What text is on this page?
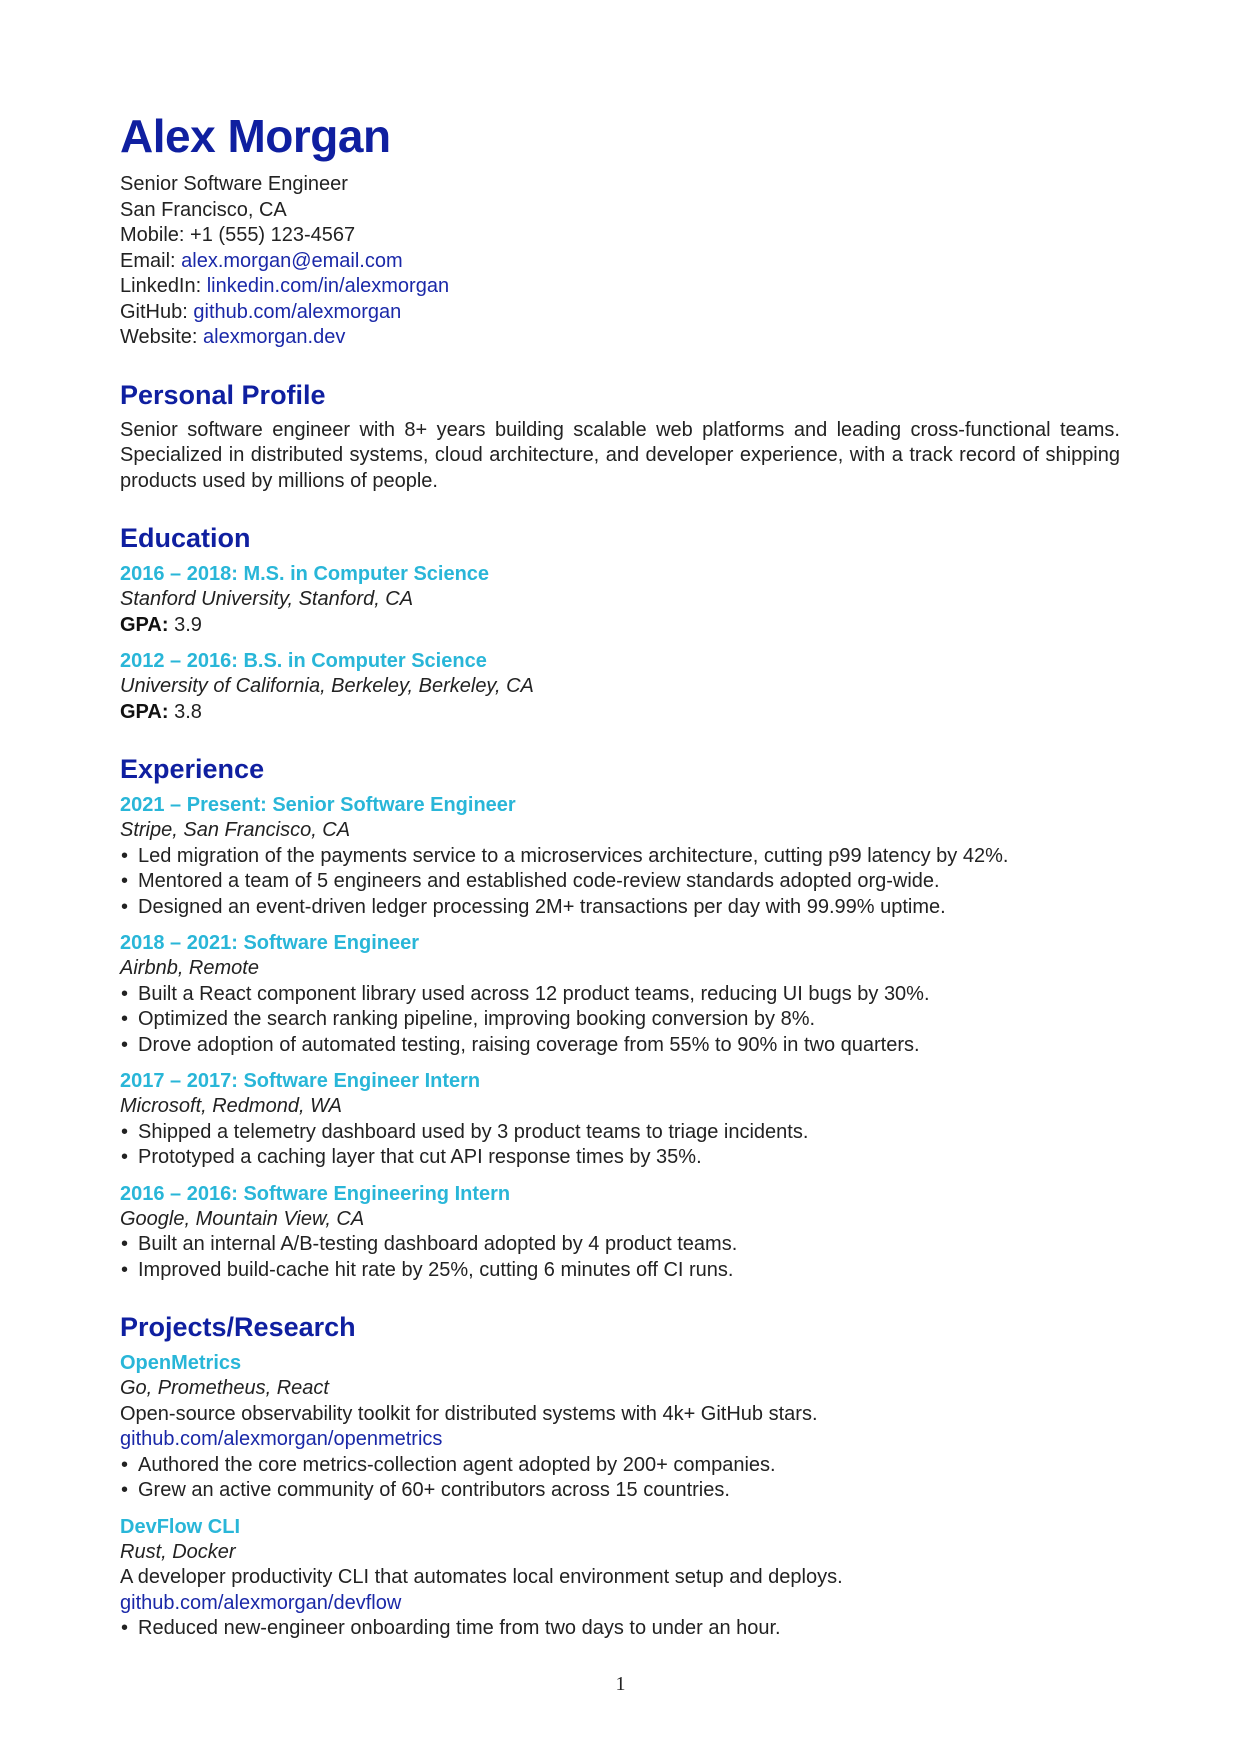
Alex Morgan

Senior Software Engineer

San Francisco, CA

Mobile: +1 (555) 123-4567

Email: alex.morgan@email.com

LinkedIn: linkedin.com/in/alexmorgan

GitHub: github.com/alexmorgan

Website: alexmorgan.dev

Personal Profile

Senior software engineer with 8+ years building scalable web platforms and leading cross-functional teams. Specialized in distributed systems, cloud architecture, and developer experience, with a track record of shipping products used by millions of people.

Education

2016 – 2018: M.S. in Computer Science

Stanford University, Stanford, CA

GPA: 3.9

2012 – 2016: B.S. in Computer Science

University of California, Berkeley, Berkeley, CA

GPA: 3.8

Experience

2021 – Present: Senior Software Engineer

Stripe, San Francisco, CA

• Led migration of the payments service to a microservices architecture, cutting p99 latency by 42%.
• Mentored a team of 5 engineers and established code-review standards adopted org-wide.
• Designed an event-driven ledger processing 2M+ transactions per day with 99.99% uptime.

2018 – 2021: Software Engineer

Airbnb, Remote

• Built a React component library used across 12 product teams, reducing UI bugs by 30%.
• Optimized the search ranking pipeline, improving booking conversion by 8%.
• Drove adoption of automated testing, raising coverage from 55% to 90% in two quarters.

2017 – 2017: Software Engineer Intern

Microsoft, Redmond, WA

• Shipped a telemetry dashboard used by 3 product teams to triage incidents.
• Prototyped a caching layer that cut API response times by 35%.

2016 – 2016: Software Engineering Intern

Google, Mountain View, CA

• Built an internal A/B-testing dashboard adopted by 4 product teams.
• Improved build-cache hit rate by 25%, cutting 6 minutes off CI runs.
Projects/Research

OpenMetrics

Go, Prometheus, React

Open-source observability toolkit for distributed systems with 4k+ GitHub stars.

github.com/alexmorgan/openmetrics

• Authored the core metrics-collection agent adopted by 200+ companies.
• Grew an active community of 60+ contributors across 15 countries.

DevFlow CLI

Rust, Docker

A developer productivity CLI that automates local environment setup and deploys.

github.com/alexmorgan/devflow

• Reduced new-engineer onboarding time from two days to under an hour.
1
